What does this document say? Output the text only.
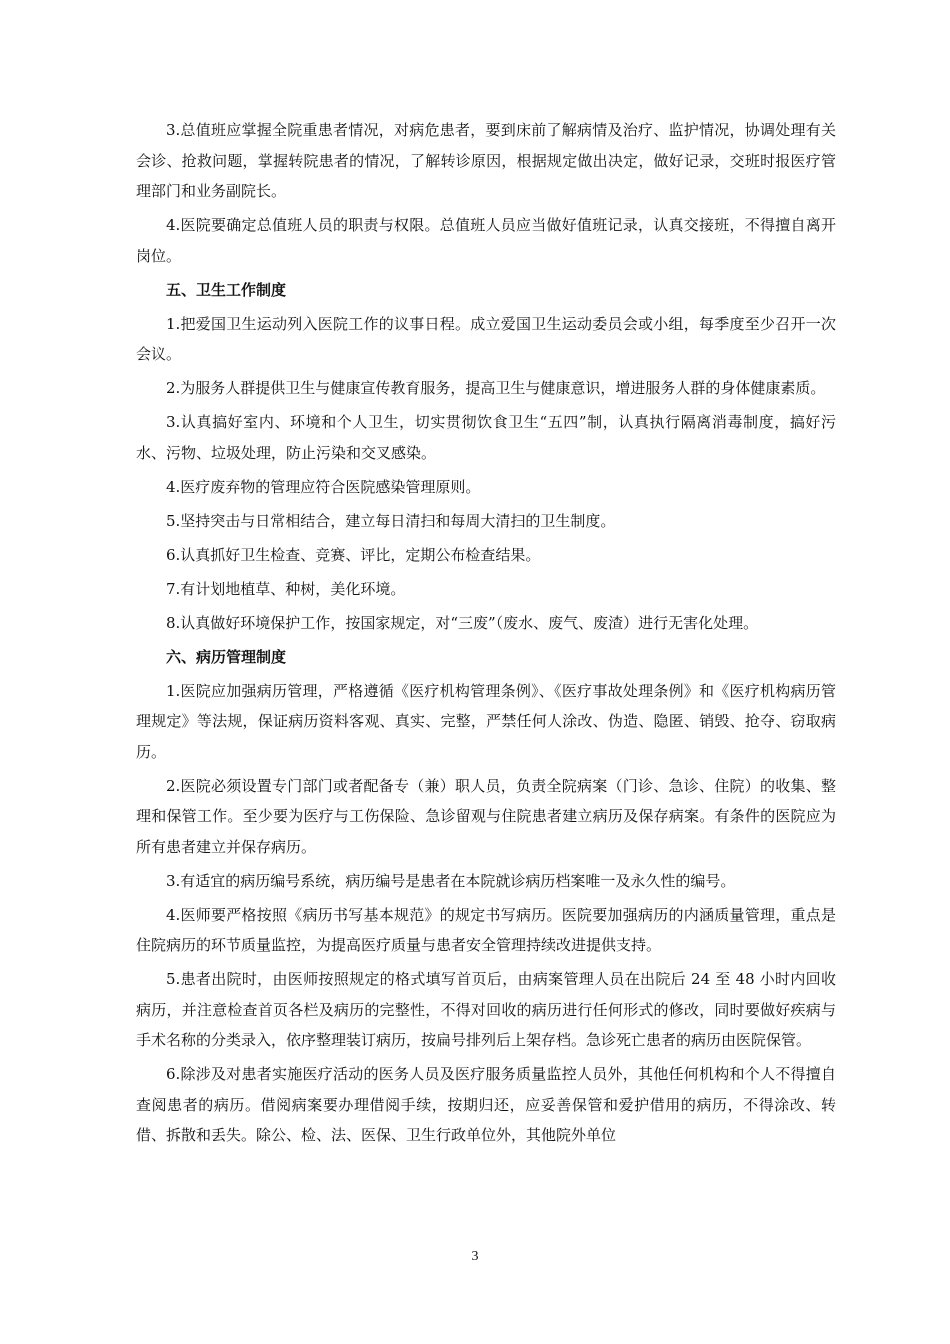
3.总值班应掌握全院重患者情况，对病危患者，要到床前了解病情及治疗、监护情况，协调处理有关会诊、抢救问题，掌握转院患者的情况，了解转诊原因，根据规定做出决定，做好记录，交班时报医疗管理部门和业务副院长。

4.医院要确定总值班人员的职责与权限。总值班人员应当做好值班记录，认真交接班，不得擅自离开岗位。

五、卫生工作制度

1.把爱国卫生运动列入医院工作的议事日程。成立爱国卫生运动委员会或小组，每季度至少召开一次会议。

2.为服务人群提供卫生与健康宣传教育服务，提高卫生与健康意识，增进服务人群的身体健康素质。

3.认真搞好室内、环境和个人卫生，切实贯彻饮食卫生“五四”制，认真执行隔离消毒制度，搞好污水、污物、垃圾处理，防止污染和交叉感染。

4.医疗废弃物的管理应符合医院感染管理原则。

5.坚持突击与日常相结合，建立每日清扫和每周大清扫的卫生制度。

6.认真抓好卫生检查、竞赛、评比，定期公布检查结果。

7.有计划地植草、种树，美化环境。

8.认真做好环境保护工作，按国家规定，对“三废”（废水、废气、废渣）进行无害化处理。

六、病历管理制度

1.医院应加强病历管理，严格遵循《医疗机构管理条例》、《医疗事故处理条例》和《医疗机构病历管理规定》等法规，保证病历资料客观、真实、完整，严禁任何人涂改、伪造、隐匿、销毁、抢夺、窃取病历。

2.医院必须设置专门部门或者配备专（兼）职人员，负责全院病案（门诊、急诊、住院）的收集、整理和保管工作。至少要为医疗与工伤保险、急诊留观与住院患者建立病历及保存病案。有条件的医院应为所有患者建立并保存病历。

3.有适宜的病历编号系统，病历编号是患者在本院就诊病历档案唯一及永久性的编号。

4.医师要严格按照《病历书写基本规范》的规定书写病历。医院要加强病历的内涵质量管理，重点是住院病历的环节质量监控，为提高医疗质量与患者安全管理持续改进提供支持。

5.患者出院时，由医师按照规定的格式填写首页后，由病案管理人员在出院后 24 至 48 小时内回收病历，并注意检查首页各栏及病历的完整性，不得对回收的病历进行任何形式的修改，同时要做好疾病与手术名称的分类录入，依序整理装订病历，按扁号排列后上架存档。急诊死亡患者的病历由医院保管。

6.除涉及对患者实施医疗活动的医务人员及医疗服务质量监控人员外，其他任何机构和个人不得擅自查阅患者的病历。借阅病案要办理借阅手续，按期归还，应妥善保管和爱护借用的病历，不得涂改、转借、拆散和丢失。除公、检、法、医保、卫生行政单位外，其他院外单位

3
